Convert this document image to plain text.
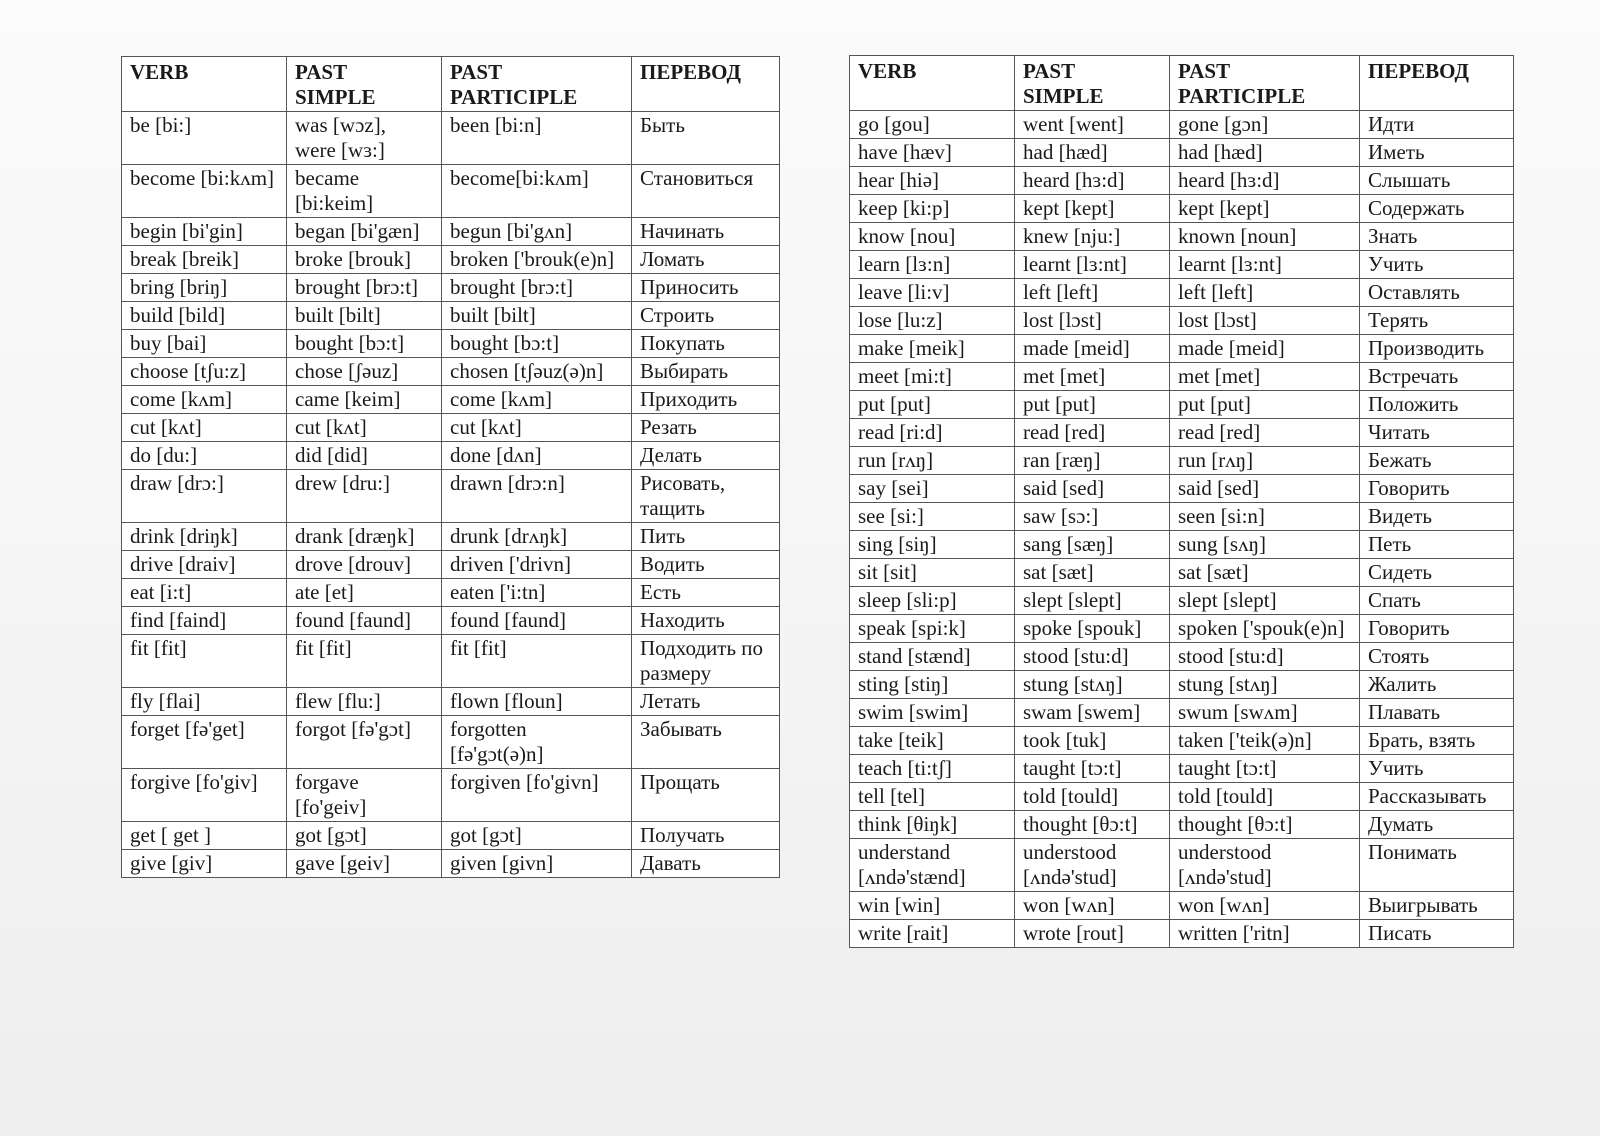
VERB	PAST SIMPLE	PAST PARTICIPLE	ПЕРЕВОД
be [bi:]	was [wɔz], were [wɜ:]	been [bi:n]	Быть
become [bi:kʌm]	became [bi:keim]	become[bi:kʌm]	Становиться
begin [bi'gin]	began [bi'gæn]	begun [bi'gʌn]	Начинать
break [breik]	broke [brouk]	broken ['brouk(e)n]	Ломать
bring [briŋ]	brought [brɔ:t]	brought [brɔ:t]	Приносить
build [bild]	built [bilt]	built [bilt]	Строить
buy [bai]	bought [bɔ:t]	bought [bɔ:t]	Покупать
choose [tʃu:z]	chose [ʃəuz]	chosen [tʃəuz(ə)n]	Выбирать
come [kʌm]	came [keim]	come [kʌm]	Приходить
cut [kʌt]	cut [kʌt]	cut [kʌt]	Резать
do [du:]	did [did]	done [dʌn]	Делать
draw [drɔ:]	drew [dru:]	drawn [drɔ:n]	Рисовать, тащить
drink [driŋk]	drank [dræŋk]	drunk [drʌŋk]	Пить
drive [draiv]	drove [drouv]	driven ['drivn]	Водить
eat [i:t]	ate [et]	eaten ['i:tn]	Есть
find [faind]	found [faund]	found [faund]	Находить
fit [fit]	fit [fit]	fit [fit]	Подходить по размеру
fly [flai]	flew [flu:]	flown [floun]	Летать
forget [fə'get]	forgot [fə'gɔt]	forgotten [fə'gɔt(ə)n]	Забывать
forgive [fo'giv]	forgave [fo'geiv]	forgiven [fo'givn]	Прощать
get [ get ]	got [gɔt]	got [gɔt]	Получать
give [giv]	gave [geiv]	given [givn]	Давать
VERB	PAST SIMPLE	PAST PARTICIPLE	ПЕРЕВОД
go [gou]	went [went]	gone [gɔn]	Идти
have [hæv]	had [hæd]	had [hæd]	Иметь
hear [hiə]	heard [hɜ:d]	heard [hɜ:d]	Слышать
keep [ki:p]	kept [kept]	kept [kept]	Содержать
know [nou]	knew [nju:]	known [noun]	Знать
learn [lɜ:n]	learnt [lɜ:nt]	learnt [lɜ:nt]	Учить
leave [li:v]	left [left]	left [left]	Оставлять
lose [lu:z]	lost [lɔst]	lost [lɔst]	Терять
make [meik]	made [meid]	made [meid]	Производить
meet [mi:t]	met [met]	met [met]	Встречать
put [put]	put [put]	put [put]	Положить
read [ri:d]	read [red]	read [red]	Читать
run [rʌŋ]	ran [ræŋ]	run [rʌŋ]	Бежать
say [sei]	said [sed]	said [sed]	Говорить
see [si:]	saw [sɔ:]	seen [si:n]	Видеть
sing [siŋ]	sang [sæŋ]	sung [sʌŋ]	Петь
sit [sit]	sat [sæt]	sat [sæt]	Сидеть
sleep [sli:p]	slept [slept]	slept [slept]	Спать
speak [spi:k]	spoke [spouk]	spoken ['spouk(e)n]	Говорить
stand [stænd]	stood [stu:d]	stood [stu:d]	Стоять
sting [stiŋ]	stung [stʌŋ]	stung [stʌŋ]	Жалить
swim [swim]	swam [swem]	swum [swʌm]	Плавать
take [teik]	took [tuk]	taken ['teik(ə)n]	Брать, взять
teach [ti:tʃ]	taught [tɔ:t]	taught [tɔ:t]	Учить
tell [tel]	told [tould]	told [tould]	Рассказывать
think [θiŋk]	thought [θɔ:t]	thought [θɔ:t]	Думать
understand [ʌndə'stænd]	understood [ʌndə'stud]	understood [ʌndə'stud]	Понимать
win [win]	won [wʌn]	won [wʌn]	Выигрывать
write [rait]	wrote [rout]	written ['ritn]	Писать
